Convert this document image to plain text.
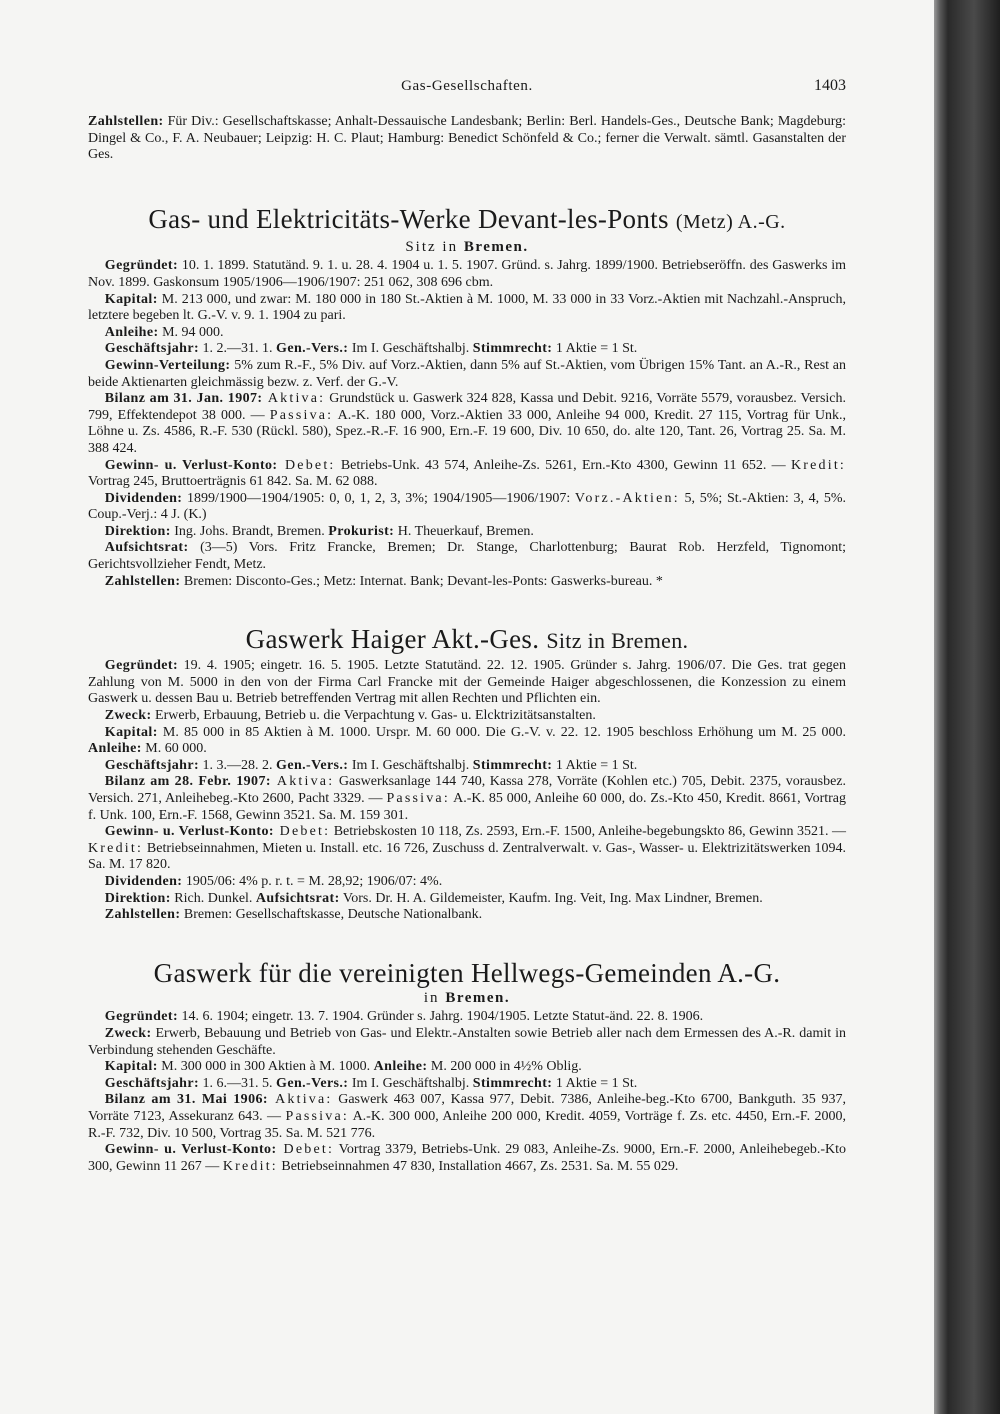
Gas-Gesellschaften.	1403

Zahlstellen: Für Div.: Gesellschaftskasse; Anhalt-Dessauische Landesbank; Berlin: Berl. Handels-Ges., Deutsche Bank; Magdeburg: Dingel & Co., F. A. Neubauer; Leipzig: H. C. Plaut; Hamburg: Benedict Schönfeld & Co.; ferner die Verwalt. sämtl. Gasanstalten der Ges.

Gas- und Elektricitäts-Werke Devant-les-Ponts (Metz) A.-G.
Sitz in Bremen.

Gegründet: 10. 1. 1899. Statutänd. 9. 1. u. 28. 4. 1904 u. 1. 5. 1907. Gründ. s. Jahrg. 1899/1900. Betriebseröffn. des Gaswerks im Nov. 1899. Gaskonsum 1905/1906—1906/1907: 251 062, 308 696 cbm.

Kapital: M. 213 000, und zwar: M. 180 000 in 180 St.-Aktien à M. 1000, M. 33 000 in 33 Vorz.-Aktien mit Nachzahl.-Anspruch, letztere begeben lt. G.-V. v. 9. 1. 1904 zu pari.

Anleihe: M. 94 000.

Geschäftsjahr: 1. 2.—31. 1. Gen.-Vers.: Im I. Geschäftshalbj. Stimmrecht: 1 Aktie = 1 St.

Gewinn-Verteilung: 5% zum R.-F., 5% Div. auf Vorz.-Aktien, dann 5% auf St.-Aktien, vom Übrigen 15% Tant. an A.-R., Rest an beide Aktienarten gleichmässig bezw. z. Verf. der G.-V.

Bilanz am 31. Jan. 1907: Aktiva: Grundstück u. Gaswerk 324 828, Kassa und Debit. 9216, Vorräte 5579, vorausbez. Versich. 799, Effektendepot 38 000. — Passiva: A.-K. 180 000, Vorz.-Aktien 33 000, Anleihe 94 000, Kredit. 27 115, Vortrag für Unk., Löhne u. Zs. 4586, R.-F. 530 (Rückl. 580), Spez.-R.-F. 16 900, Ern.-F. 19 600, Div. 10 650, do. alte 120, Tant. 26, Vortrag 25. Sa. M. 388 424.

Gewinn- u. Verlust-Konto: Debet: Betriebs-Unk. 43 574, Anleihe-Zs. 5261, Ern.-Kto 4300, Gewinn 11 652. — Kredit: Vortrag 245, Bruttoerträgnis 61 842. Sa. M. 62 088.

Dividenden: 1899/1900—1904/1905: 0, 0, 1, 2, 3, 3%; 1904/1905—1906/1907: Vorz.-Aktien: 5, 5%; St.-Aktien: 3, 4, 5%. Coup.-Verj.: 4 J. (K.)

Direktion: Ing. Johs. Brandt, Bremen. Prokurist: H. Theuerkauf, Bremen.

Aufsichtsrat: (3—5) Vors. Fritz Francke, Bremen; Dr. Stange, Charlottenburg; Baurat Rob. Herzfeld, Tignomont; Gerichtsvollzieher Fendt, Metz.

Zahlstellen: Bremen: Disconto-Ges.; Metz: Internat. Bank; Devant-les-Ponts: Gaswerks-bureau. *

Gaswerk Haiger Akt.-Ges. Sitz in Bremen.

Gegründet: 19. 4. 1905; eingetr. 16. 5. 1905. Letzte Statutänd. 22. 12. 1905. Gründer s. Jahrg. 1906/07. Die Ges. trat gegen Zahlung von M. 5000 in den von der Firma Carl Francke mit der Gemeinde Haiger abgeschlossenen, die Konzession zu einem Gaswerk u. dessen Bau u. Betrieb betreffenden Vertrag mit allen Rechten und Pflichten ein.

Zweck: Erwerb, Erbauung, Betrieb u. die Verpachtung v. Gas- u. Elcktrizitätsanstalten.

Kapital: M. 85 000 in 85 Aktien à M. 1000. Urspr. M. 60 000. Die G.-V. v. 22. 12. 1905 beschloss Erhöhung um M. 25 000. Anleihe: M. 60 000.

Geschäftsjahr: 1. 3.—28. 2. Gen.-Vers.: Im I. Geschäftshalbj. Stimmrecht: 1 Aktie = 1 St.

Bilanz am 28. Febr. 1907: Aktiva: Gaswerksanlage 144 740, Kassa 278, Vorräte (Kohlen etc.) 705, Debit. 2375, vorausbez. Versich. 271, Anleihebeg.-Kto 2600, Pacht 3329. — Passiva: A.-K. 85 000, Anleihe 60 000, do. Zs.-Kto 450, Kredit. 8661, Vortrag f. Unk. 100, Ern.-F. 1568, Gewinn 3521. Sa. M. 159 301.

Gewinn- u. Verlust-Konto: Debet: Betriebskosten 10 118, Zs. 2593, Ern.-F. 1500, Anleihe-begebungskto 86, Gewinn 3521. — Kredit: Betriebseinnahmen, Mieten u. Install. etc. 16 726, Zuschuss d. Zentralverwalt. v. Gas-, Wasser- u. Elektrizitätswerken 1094. Sa. M. 17 820.

Dividenden: 1905/06: 4% p. r. t. = M. 28,92; 1906/07: 4%.

Direktion: Rich. Dunkel. Aufsichtsrat: Vors. Dr. H. A. Gildemeister, Kaufm. Ing. Veit, Ing. Max Lindner, Bremen.

Zahlstellen: Bremen: Gesellschaftskasse, Deutsche Nationalbank.

Gaswerk für die vereinigten Hellwegs-Gemeinden A.-G.
in Bremen.

Gegründet: 14. 6. 1904; eingetr. 13. 7. 1904. Gründer s. Jahrg. 1904/1905. Letzte Statut-änd. 22. 8. 1906.

Zweck: Erwerb, Bebauung und Betrieb von Gas- und Elektr.-Anstalten sowie Betrieb aller nach dem Ermessen des A.-R. damit in Verbindung stehenden Geschäfte.

Kapital: M. 300 000 in 300 Aktien à M. 1000. Anleihe: M. 200 000 in 4½% Oblig.

Geschäftsjahr: 1. 6.—31. 5. Gen.-Vers.: Im I. Geschäftshalbj. Stimmrecht: 1 Aktie = 1 St.

Bilanz am 31. Mai 1906: Aktiva: Gaswerk 463 007, Kassa 977, Debit. 7386, Anleihe-beg.-Kto 6700, Bankguth. 35 937, Vorräte 7123, Assekuranz 643. — Passiva: A.-K. 300 000, Anleihe 200 000, Kredit. 4059, Vorträge f. Zs. etc. 4450, Ern.-F. 2000, R.-F. 732, Div. 10 500, Vortrag 35. Sa. M. 521 776.

Gewinn- u. Verlust-Konto: Debet: Vortrag 3379, Betriebs-Unk. 29 083, Anleihe-Zs. 9000, Ern.-F. 2000, Anleihebegeb.-Kto 300, Gewinn 11 267 — Kredit: Betriebseinnahmen 47 830, Installation 4667, Zs. 2531. Sa. M. 55 029.
